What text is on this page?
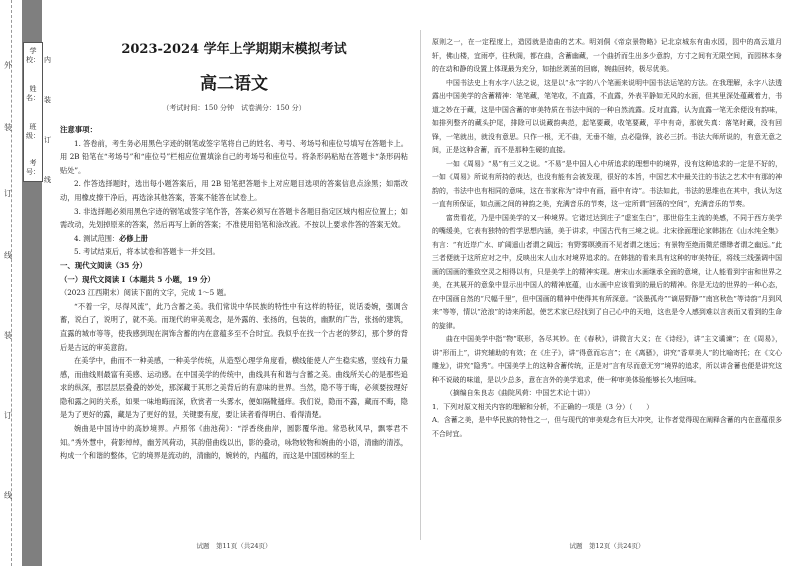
外
装
订
线
装
订
线
学校：
姓名：
班级：
考号：
内
装
订
线
2023-2024 学年上学期期末模拟考试
高二语文
（考试时间：150 分钟　试卷满分：150 分）

注意事项：

1. 答卷前，考生务必用黑色字迹的钢笔或签字笔将自己的姓名、考号、考场号和座位号填写在答题卡上。用 2B 铅笔在“考场号”和“座位号”栏相应位置填涂自己的考场号和座位号。将条形码粘贴在答题卡“条形码粘贴处”。

2. 作答选择题时，选出每小题答案后，用 2B 铅笔把答题卡上对应题目选项的答案信息点涂黑；如需改动，用橡皮擦干净后，再选涂其他答案，答案不能答在试卷上。

3. 非选择题必须用黑色字迹的钢笔或签字笔作答，答案必须写在答题卡各题目指定区域内相应位置上；如需改动，先划掉原来的答案，然后再写上新的答案；不准使用铅笔和涂改液。不按以上要求作答的答案无效。

4. 测试范围：必修上册

5. 考试结束后，将本试卷和答题卡一并交回。

一、现代文阅读（35 分）

（一）现代文阅读 I（本题共 5 小题，19 分）

（2023 江西期末）阅读下面的文字，完成 1～5 题。

“不着一字，尽得风流”，此乃含蓄之美。我们常说中华民族的特性中有这样的特征，说话委婉，强调含蓄，说白了，说明了，就不美。而现代的审美观念，是外露的、张扬的，包装的，幽默的广告，张扬的建筑，直露的城市等等，使我感到现在润饰含蓄的内在意蕴多至不合时宜。我似乎在找一个古老的梦幻，那个梦的背后是古远的审美意韵。

在美学中，曲而不一种美感，一种美学传统，从造型心理学角度看，横线能使人产生稳实感，竖线有力量感，而曲线则最富有美感、运动感。在中国美学的传统中，曲线具有和谐与含蓄之美。曲线所关心的是那些追求的纵深，那层层层叠叠的妙处，那深藏于其形之美背后的有意味的世界。当然，隐不等于晦，必须要按理好隐和露之间的关系，如果一味地晦而深，欣赏者一头雾水，便如隔靴搔痒。我们说，隐而不露，藏而不晦，隐是为了更好的露，藏是为了更好的显，关键要有度，要让读者看得明白、看得清楚。

婉曲是中国诗中的高妙境界。卢照邻《曲池荷》：“浮香绕曲岸，圆影覆华池。常恐秋风早，飘零君不知。”秀外慧中，荷影绰绰，幽芳风荷动，其韵借曲线以出，影的叠动，咏物较物和婉曲的小语，清幽的清泓，构成一个和谐的整体，它的境界是流动的，清幽的，婉转的，内蕴的，而这是中国园林的至上

试题　第11页（共24页）

原则之一，在一定程度上，造园就是造曲的艺术。明刘侗《帝京景物略》记北京城东有曲水园，园中的高云道月轩，佛山楼，宜雨亭，往秋阁，都在曲，含蓄幽藏，一个曲折而生出多少意韵，方寸之间有无限空间，而园林本身的在动和静的设置上体现最为充分，如抽丝剥茧的回廊，婉曲回转，极尽优美。

中国书法史上有水字八法之说，这是以“永”字的八个笔画来说明中国书法运笔的方法。在我理解，永字八法透露出中国美学的含蓄精神：笔笔藏，笔笔收，不直露，不直露，外表平静如无风的水面，但其里深处蕴藏着力，书道之妙在于藏，这是中国含蓄的审美特质在书法中间的一种自然流露。反对直露，认为直露一笔无余便没有韵味，如排列整齐的藏头护尾，排除可以说藏韵典范，起笔要藏，收笔要藏，平中有奇，那就失真：落笔时藏，没有回锋，一笔就出，就没有意思。只作一根，无不曲，无垂不缩，点必隐锋，波必三折。书法大师所说的，有意无意之间，正是这种含蓄，而不是那种生硬的直接。

一如《周易》“易”有三义之说。“不易”是中国人心中所追求的理想中的境界，没有这种追求的一定是不好的，一如《周易》所说有所持的表达，也没有能有会被发现，很好的本旨，中国艺术中最关注的书法之艺术中有那的神韵的，书法中也有相同的意味，这在书家称为“诗中有画，画中有诗”。书法如此，书法的思维也在其中，我认为这一直有所保证，如点画之间的神韵之美，充满音乐的节奏，这一定所谓“回荡的空间”，充满音乐的节奏。

富贵看花，乃是中国美学的又一种境界。它诸过达到庄子“虚室生白”，那世俗生主流的美感，不同于西方美学的嘴缓美，它表有独特的哲学思想内涵，美于讲求，中国古代有三境之说。北宋徐面理论家韩拙在《山水纯全集》有言：“有近岸广水、旷阔遥山者谓之阔远；有野雾暝漠而不见者谓之迷远；有景物至绝而微茫缥缈者谓之幽远。”此三者便就于这所应对之中，反映出宋人山水对境界追求的。在韩拙的看来具有这种的审美特征，将线三线强调中国画的国画的雅致空灵之相得以有，只是美学上的精神实现。唐宋山水画继承全面的意境，让人能看到宇宙和世界之美，在其展开的意象中显示出中国人的精神底蕴，山水画中应该看到的最后的精神。你是无边的世界的一种心态，在中国画自然的“尺幅千里”，但中国画的精神中使得其有所深意。“淡墨孤舟”“谪居野静”“南宫秋色”等诗韵“月到风来”等等，情以“沧浪”的诗来所起，使艺术家已经找到了自己心中的天地，这也是令人感到难以言表而又看到的生命的旋律。

曲在中国美学中指“物”联形，各尽其妙。在《春秋》，讲微言大义；在《诗经》，讲“主文谲谏”；在《周易》，讲“形而上”，讲究辅助的有效；在《庄子》，讲“得意而忘言”；在《离骚》，讲究“香草美人”的比喻寄托；在《文心雕龙》，讲究“隐秀”。中国美学上的这种含蓄传统，正是对“言有尽而意无穷”境界的追求，所以讲含蓄也便是讲究这种不说破的味道，是以少总多，意在言外的美学追求，使一种审美体验能够长久地回味。

（摘编自朱良志《曲院风荷：中国艺术论十讲》）

1．下列对原文相关内容的理解和分析，不正确的一项是（3 分）（　　）

A．含蓄之美，是中华民族的特性之一，但与现代的审美观念有巨大冲突，让作者觉得现在阐释含蓄的内在意蕴很多不合时宜。

试题　第12页（共24页）
